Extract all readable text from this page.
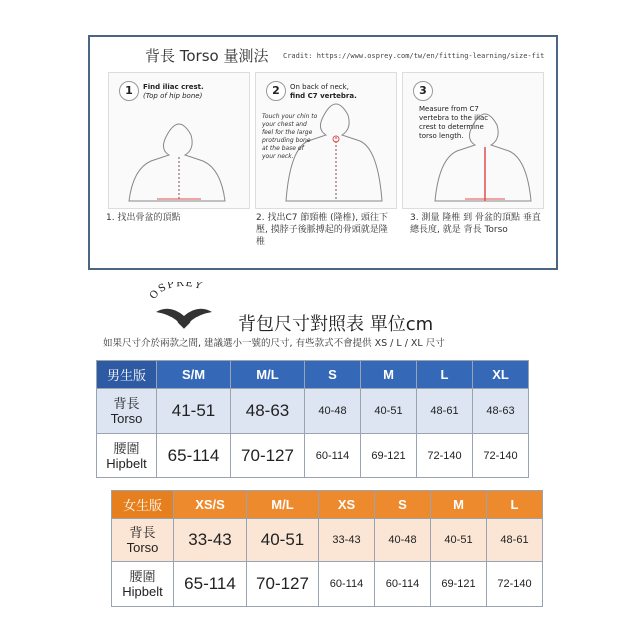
背長 Torso 量測法 Cradit: https://www.osprey.com/tw/en/fitting-learning/size-fit
1	Find iliac crest.
(Top of hip bone)
1. 找出骨盆的頂點
2	On back of neck,
find C7 vertebra.
Touch your chin to your chest and feel for the large protruding bone at the base of your neck.
2. 找出C7 節頸椎 (隆椎), 頭往下壓, 摸脖子後脈搏起的骨頭就是隆椎
3
Measure from C7 vertebra to the iliac crest to determine torso length.
3. 測量 隆椎 到 骨盆的頂點 垂直 總長度, 就是 背長 Torso
OSPREY
背包尺寸對照表 單位cm
如果尺寸介於兩款之間, 建議選小一號的尺寸, 有些款式不會提供 XS / L / XL 尺寸
男生版	S/M	M/L	S	M	L	XL

背長
Torso	41-51	48-63	40-48	40-51	48-61	48-63

腰圍
Hipbelt	65-114	70-127	60-114	69-121	72-140	72-140
女生版	XS/S	M/L	XS	S	M	L

背長
Torso	33-43	40-51	33-43	40-48	40-51	48-61

腰圍
Hipbelt	65-114	70-127	60-114	60-114	69-121	72-140
